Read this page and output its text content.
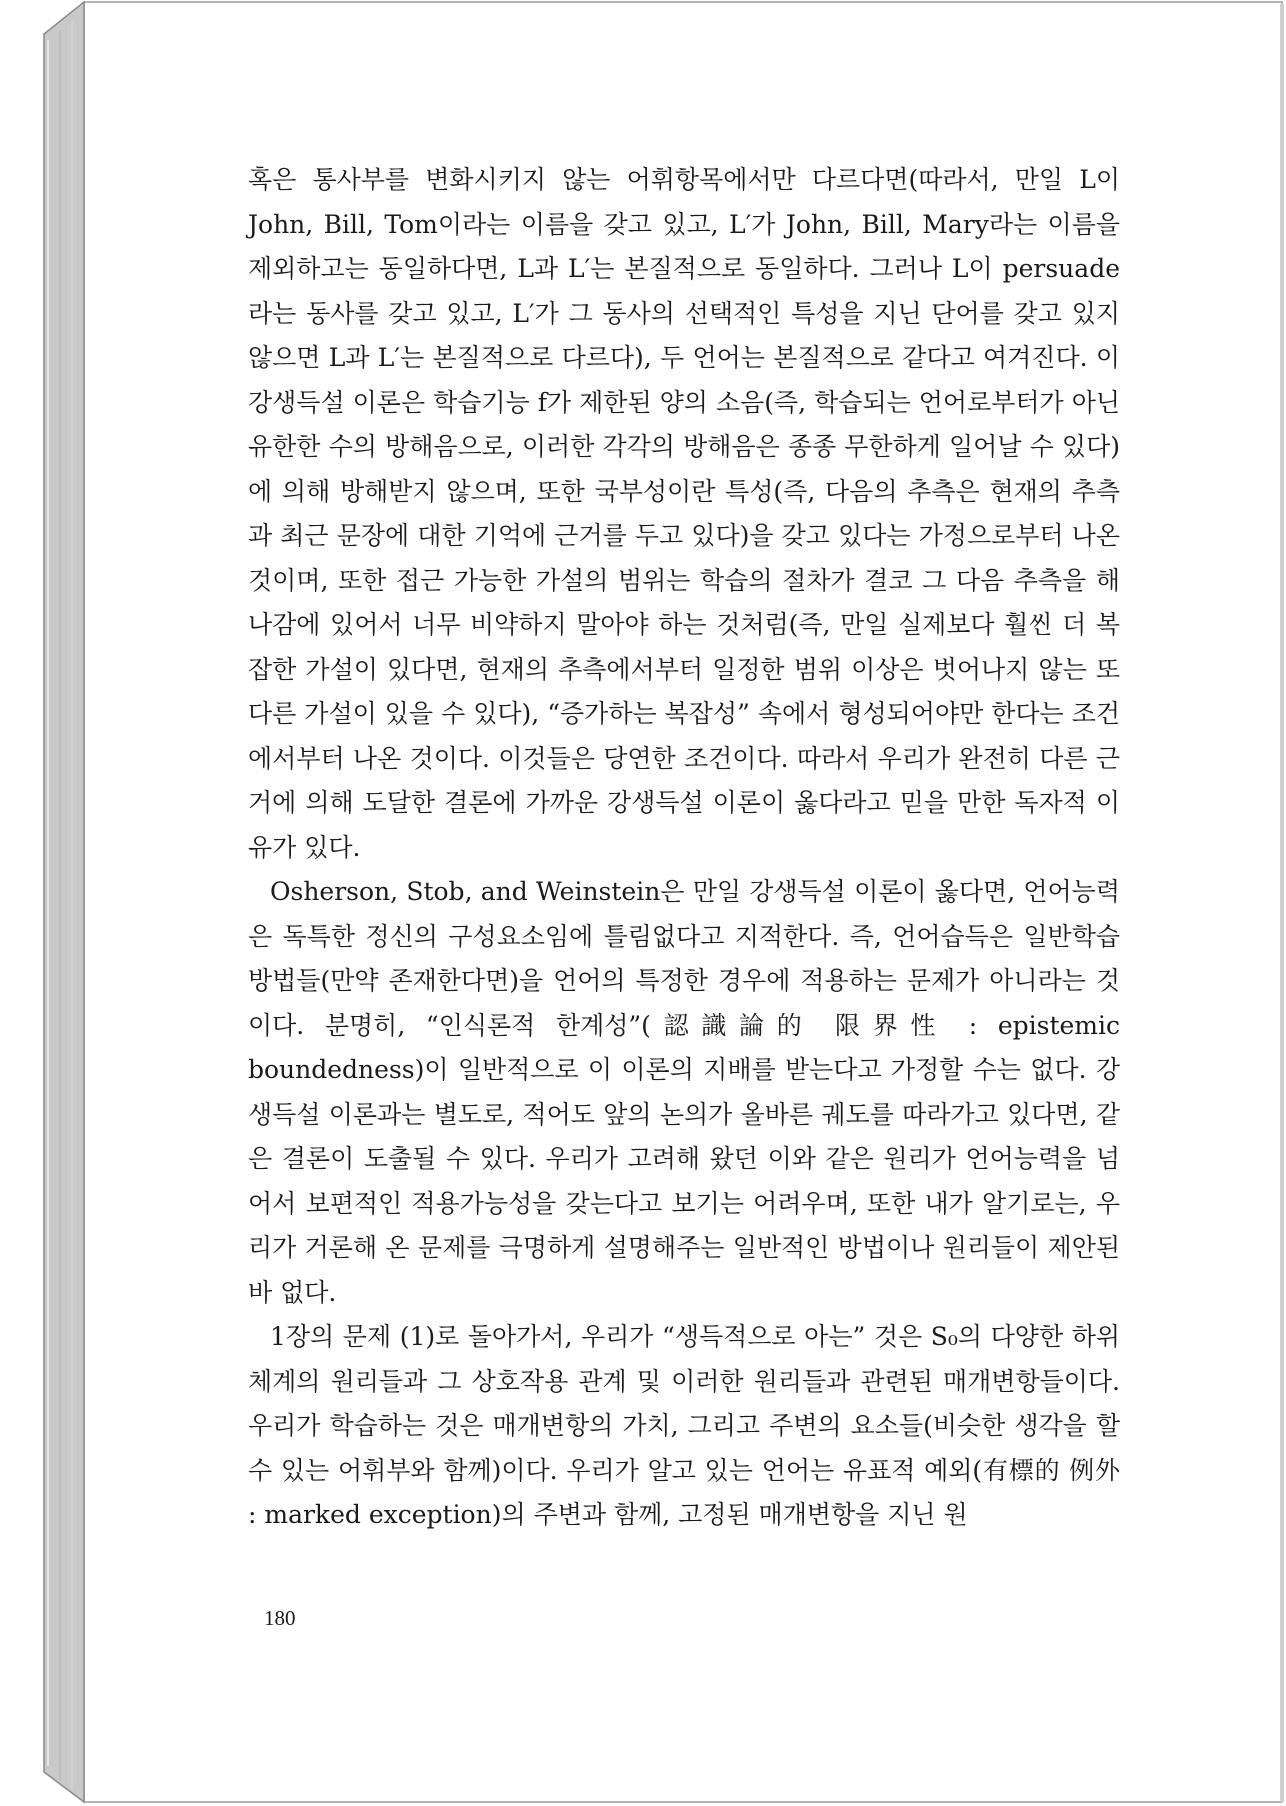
혹은 통사부를 변화시키지 않는 어휘항목에서만 다르다면(따라서, 만일 L이 John, Bill, Tom이라는 이름을 갖고 있고, L′가 John, Bill, Mary라는 이름을 제외하고는 동일하다면, L과 L′는 본질적으로 동일하다. 그러나 L이 persuade라는 동사를 갖고 있고, L′가 그 동사의 선택적인 특성을 지닌 단어를 갖고 있지 않으면 L과 L′는 본질적으로 다르다), 두 언어는 본질적으로 같다고 여겨진다. 이 강생득설 이론은 학습기능 f가 제한된 양의 소음(즉, 학습되는 언어로부터가 아닌 유한한 수의 방해음으로, 이러한 각각의 방해음은 종종 무한하게 일어날 수 있다)에 의해 방해받지 않으며, 또한 국부성이란 특성(즉, 다음의 추측은 현재의 추측과 최근 문장에 대한 기억에 근거를 두고 있다)을 갖고 있다는 가정으로부터 나온 것이며, 또한 접근 가능한 가설의 범위는 학습의 절차가 결코 그 다음 추측을 해나감에 있어서 너무 비약하지 말아야 하는 것처럼(즉, 만일 실제보다 훨씬 더 복잡한 가설이 있다면, 현재의 추측에서부터 일정한 범위 이상은 벗어나지 않는 또 다른 가설이 있을 수 있다), “증가하는 복잡성” 속에서 형성되어야만 한다는 조건에서부터 나온 것이다. 이것들은 당연한 조건이다. 따라서 우리가 완전히 다른 근거에 의해 도달한 결론에 가까운 강생득설 이론이 옳다라고 믿을 만한 독자적 이유가 있다.

Osherson, Stob, and Weinstein은 만일 강생득설 이론이 옳다면, 언어능력은 독특한 정신의 구성요소임에 틀림없다고 지적한다. 즉, 언어습득은 일반학습 방법들(만약 존재한다면)을 언어의 특정한 경우에 적용하는 문제가 아니라는 것이다. 분명히, “인식론적 한계성”(認識論的 限界性 : epistemic boundedness)이 일반적으로 이 이론의 지배를 받는다고 가정할 수는 없다. 강생득설 이론과는 별도로, 적어도 앞의 논의가 올바른 궤도를 따라가고 있다면, 같은 결론이 도출될 수 있다. 우리가 고려해 왔던 이와 같은 원리가 언어능력을 넘어서 보편적인 적용가능성을 갖는다고 보기는 어려우며, 또한 내가 알기로는, 우리가 거론해 온 문제를 극명하게 설명해주는 일반적인 방법이나 원리들이 제안된 바 없다.

1장의 문제 (1)로 돌아가서, 우리가 “생득적으로 아는” 것은 S₀의 다양한 하위체계의 원리들과 그 상호작용 관계 및 이러한 원리들과 관련된 매개변항들이다. 우리가 학습하는 것은 매개변항의 가치, 그리고 주변의 요소들(비슷한 생각을 할 수 있는 어휘부와 함께)이다. 우리가 알고 있는 언어는 유표적 예외(有標的 例外 : marked exception)의 주변과 함께, 고정된 매개변항을 지닌 원

180
